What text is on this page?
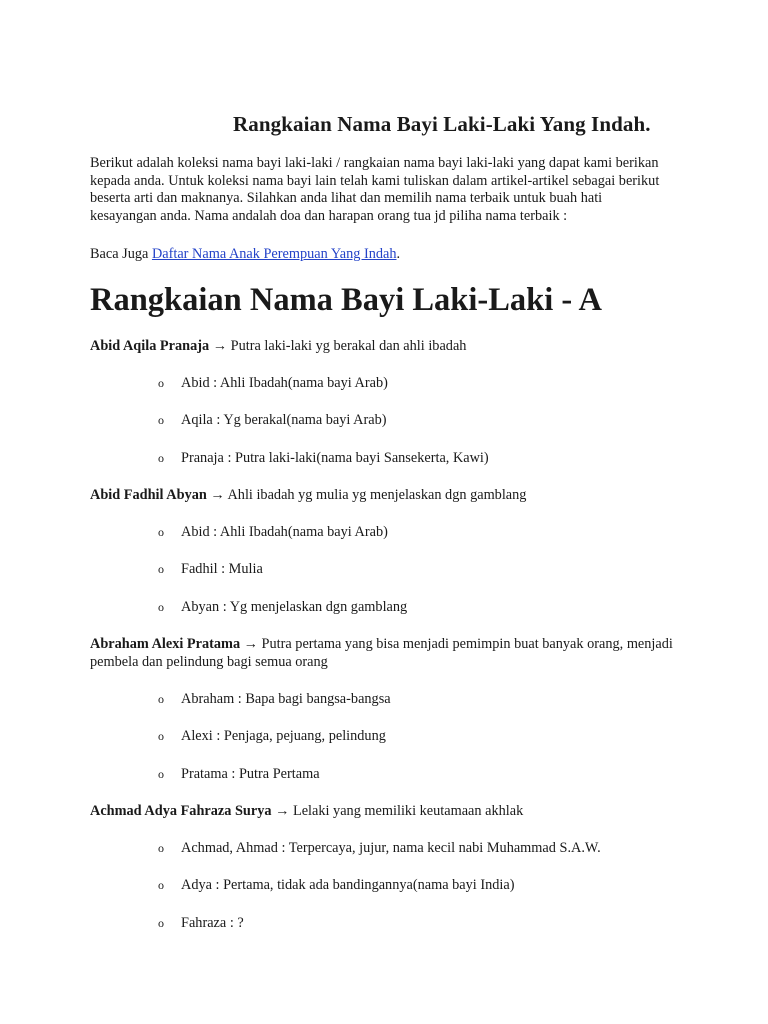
Rangkaian Nama Bayi Laki-Laki Yang Indah.

Berikut adalah koleksi nama bayi laki-laki / rangkaian nama bayi laki-laki yang dapat kami berikan kepada anda. Untuk koleksi nama bayi lain telah kami tuliskan dalam artikel-artikel sebagai berikut beserta arti dan maknanya. Silahkan anda lihat dan memilih nama terbaik untuk buah hati kesayangan anda. Nama andalah doa dan harapan orang tua jd piliha nama terbaik :

Baca Juga Daftar Nama Anak Perempuan Yang Indah.

Rangkaian Nama Bayi Laki-Laki - A

Abid Aqila Pranaja → Putra laki-laki yg berakal dan ahli ibadah

o Abid : Ahli Ibadah(nama bayi Arab)
o Aqila : Yg berakal(nama bayi Arab)
o Pranaja : Putra laki-laki(nama bayi Sansekerta, Kawi)

Abid Fadhil Abyan → Ahli ibadah yg mulia yg menjelaskan dgn gamblang

o Abid : Ahli Ibadah(nama bayi Arab)
o Fadhil : Mulia
o Abyan : Yg menjelaskan dgn gamblang

Abraham Alexi Pratama → Putra pertama yang bisa menjadi pemimpin buat banyak orang, menjadi pembela dan pelindung bagi semua orang

o Abraham : Bapa bagi bangsa-bangsa
o Alexi : Penjaga, pejuang, pelindung
o Pratama : Putra Pertama

Achmad Adya Fahraza Surya → Lelaki yang memiliki keutamaan akhlak

o Achmad, Ahmad : Terpercaya, jujur, nama kecil nabi Muhammad S.A.W.
o Adya : Pertama, tidak ada bandingannya(nama bayi India)
o Fahraza : ?
